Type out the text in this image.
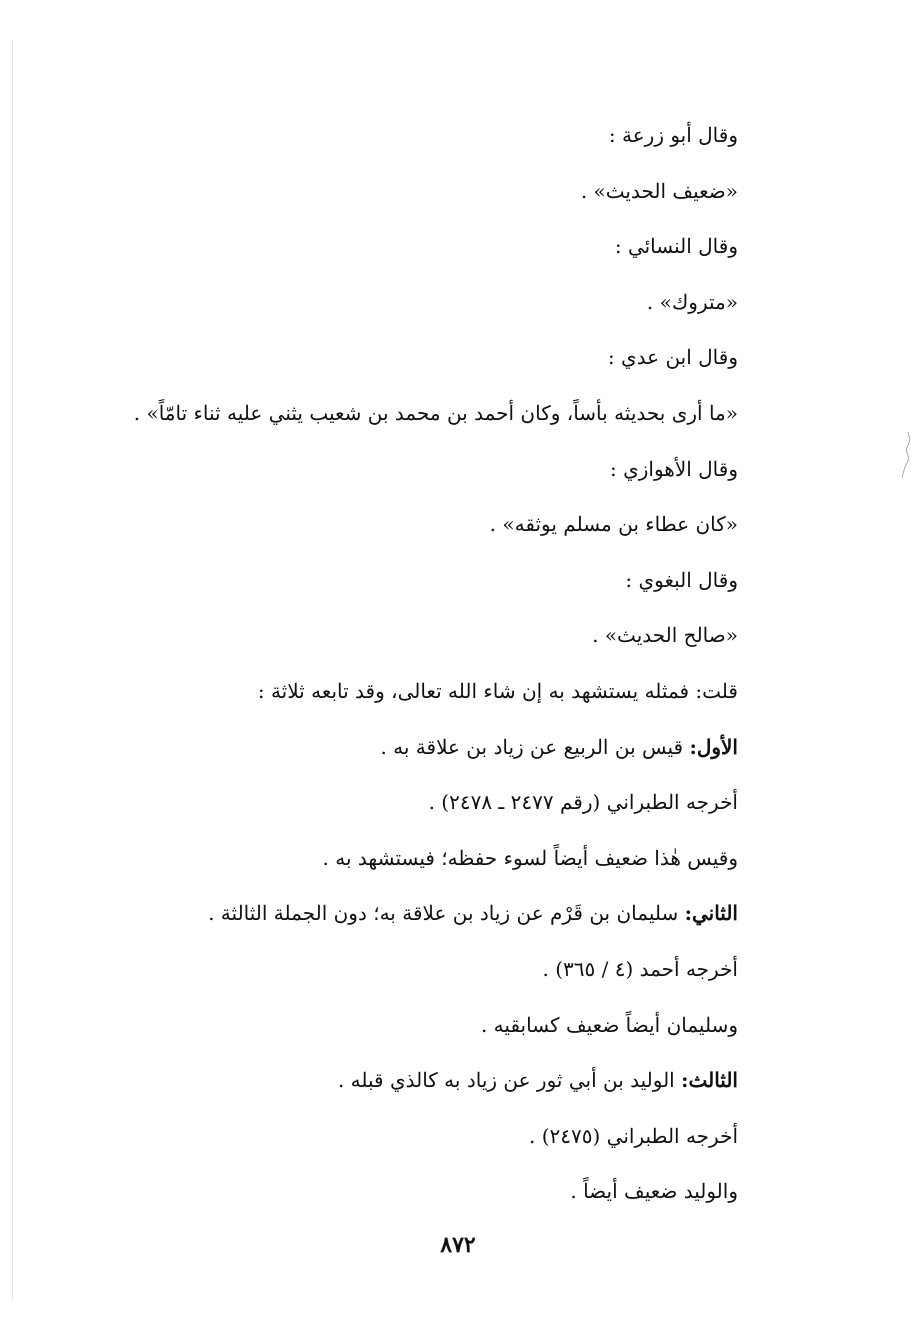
وقال أبو زرعة :
«ضعيف الحديث» .
وقال النسائي :
«متروك» .
وقال ابن عدي :
«ما أرى بحديثه بأساً، وكان أحمد بن محمد بن شعيب يثني عليه ثناء تامّاً» .
وقال الأهوازي :
«كان عطاء بن مسلم يوثقه» .
وقال البغوي :
«صالح الحديث» .
قلت: فمثله يستشهد به إن شاء الله تعالى، وقد تابعه ثلاثة :
الأول: قيس بن الربيع عن زياد بن علاقة به .
أخرجه الطبراني (رقم ٢٤٧٧ ـ ٢٤٧٨) .
وقيس هٰذا ضعيف أيضاً لسوء حفظه؛ فيستشهد به .
الثاني: سليمان بن قَرْم عن زياد بن علاقة به؛ دون الجملة الثالثة .
أخرجه أحمد (٤ / ٣٦٥) .
وسليمان أيضاً ضعيف كسابقيه .
الثالث: الوليد بن أبي ثور عن زياد به كالذي قبله .
أخرجه الطبراني (٢٤٧٥) .
والوليد ضعيف أيضاً .
٨٧٢
